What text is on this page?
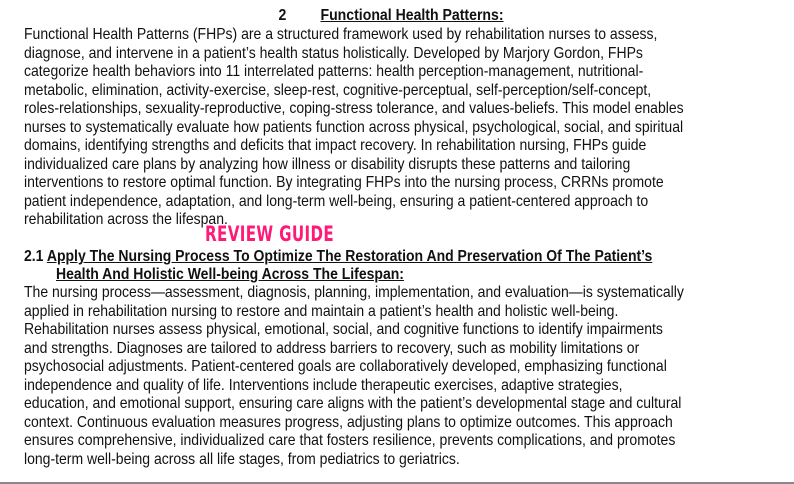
2 Functional Health Patterns:
Functional Health Patterns (FHPs) are a structured framework used by rehabilitation nurses to assess,
diagnose, and intervene in a patient’s health status holistically. Developed by Marjory Gordon, FHPs
categorize health behaviors into 11 interrelated patterns: health perception-management, nutritional-
metabolic, elimination, activity-exercise, sleep-rest, cognitive-perceptual, self-perception/self-concept,
roles-relationships, sexuality-reproductive, coping-stress tolerance, and values-beliefs. This model enables
nurses to systematically evaluate how patients function across physical, psychological, social, and spiritual
domains, identifying strengths and deficits that impact recovery. In rehabilitation nursing, FHPs guide
individualized care plans by analyzing how illness or disability disrupts these patterns and tailoring
interventions to restore optimal function. By integrating FHPs into the nursing process, CRRNs promote
patient independence, adaptation, and long-term well-being, ensuring a patient-centered approach to
rehabilitation across the lifespan.
REVIEW GUIDE
2.1 Apply The Nursing Process To Optimize The Restoration And Preservation Of The Patient’s
Health And Holistic Well-being Across The Lifespan:
The nursing process—assessment, diagnosis, planning, implementation, and evaluation—is systematically
applied in rehabilitation nursing to restore and maintain a patient’s health and holistic well-being.
Rehabilitation nurses assess physical, emotional, social, and cognitive functions to identify impairments
and strengths. Diagnoses are tailored to address barriers to recovery, such as mobility limitations or
psychosocial adjustments. Patient-centered goals are collaboratively developed, emphasizing functional
independence and quality of life. Interventions include therapeutic exercises, adaptive strategies,
education, and emotional support, ensuring care aligns with the patient’s developmental stage and cultural
context. Continuous evaluation measures progress, adjusting plans to optimize outcomes. This approach
ensures comprehensive, individualized care that fosters resilience, prevents complications, and promotes
long-term well-being across all life stages, from pediatrics to geriatrics.
